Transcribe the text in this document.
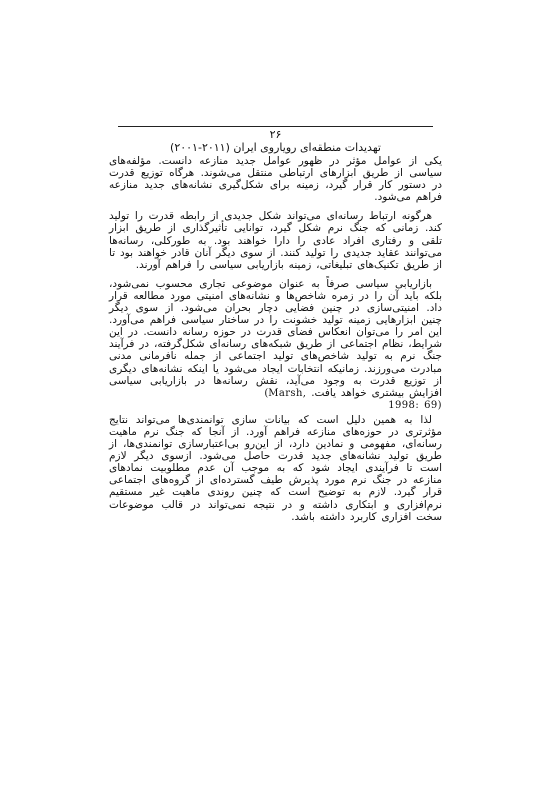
۲۶
تهدیدات منطقه‌ای رویاروی ایران (۲۰۱۱-۲۰۰۱)

یکی از عوامل مؤثر در ظهور عوامل جدید منازعه دانست. مؤلفه‌های سیاسی از طریق ابزارهای ارتباطی منتقل می‌شوند. هرگاه توزیع قدرت در دستور کار قرار گیرد، زمینه برای شکل‌گیری نشانه‌های جدید منازعه فراهم می‌شود.

هرگونه ارتباط رسانه‌ای می‌تواند شکل جدیدی از رابطه قدرت را تولید کند. زمانی که جنگ نرم شکل گیرد، توانایی تأثیرگذاری از طریق ابزار تلقی و رفتاری افراد عادی را دارا خواهند بود. به طورکلی، رسانه‌ها می‌توانند عقاید جدیدی را تولید کنند. از سوی دیگر آنان قادر خواهند بود تا از طریق تکنیک‌های تبلیغاتی، زمینه بازاریابی سیاسی را فراهم آورند.

بازاریابی سیاسی صرفاً به عنوان موضوعی تجاری محسوب نمی‌شود، بلکه باید آن را در زمره شاخص‌ها و نشانه‌های امنیتی مورد مطالعه قرار داد. امنیتی‌سازی در چنین فضایی دچار بحران می‌شود. از سوی دیگر چنین ابزارهایی زمینه تولید خشونت را در ساختار سیاسی فراهم می‌آورد. این امر را می‌توان انعکاس فضای قدرت در حوزه رسانه دانست. در این شرایط، نظام اجتماعی از طریق شبکه‌های رسانه‌ای شکل‌گرفته، در فرآیند جنگ نرم به تولید شاخص‌های تولید اجتماعی از جمله نافرمانی مدنی مبادرت می‌ورزند. زمانیکه انتخابات ایجاد می‌شود یا اینکه نشانه‌های دیگری از توزیع قدرت به وجود می‌آید، نقش رسانه‌ها در بازاریابی سیاسی افزایش بیشتری خواهد یافت. (Marsh,

1998: 69)

لذا به همین دلیل است که بیانات سازی توانمندی‌ها می‌تواند نتایج مؤثرتری در حوزه‌های منازعه فراهم آورد. از آنجا که جنگ نرم ماهیت رسانه‌ای، مفهومی و نمادین دارد، از این‌رو بی‌اعتبارسازی توانمندی‌ها، از طریق تولید نشانه‌های جدید قدرت حاصل می‌شود. ازسوی دیگر لازم است تا فرآیندی ایجاد شود که به موجب آن عدم مطلوبیت نمادهای منازعه در جنگ نرم مورد پذیرش طیف گسترده‌ای از گروه‌های اجتماعی قرار گیرد. لازم به توضیح است که چنین روندی ماهیت غیر مستقیم نرم‌افزاری و ابتکاری داشته و در نتیجه نمی‌تواند در قالب موضوعات سخت افزاری کاربرد داشته باشد.
